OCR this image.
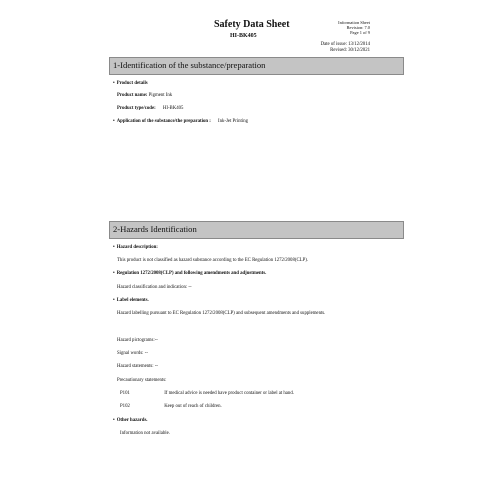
Safety Data Sheet
HI-BK405
Information Sheet
Revision: 7.0
Page 1 of 9
Date of issue: 13/12/2014
Revised: 30/12/2021
1-Identification of the substance/preparation
• Product details
Product name: Pigment Ink
Product type/code: HI-BK405
• Application of the substance/the preparation : Ink-Jet Printing
2-Hazards Identification
• Hazard description:
This product is not classified as hazard substance according to the EC Regulation 1272/2008(CLP).
• Regulation 1272/2008(CLP) and following amendments and adjustments.
Hazard classification and indication: --
• Label elements.
Hazard labelling pursuant to EC Regulation 1272/2008(CLP) and subsequent amendments and supplements.
Hazard pictograms:--
Signal words: --
Hazard statements: --
Precautionary statements:
P101	If medical advice is needed have product container or label at hand.
P102	Keep out of reach of children.
• Other hazards.
Information not available.
